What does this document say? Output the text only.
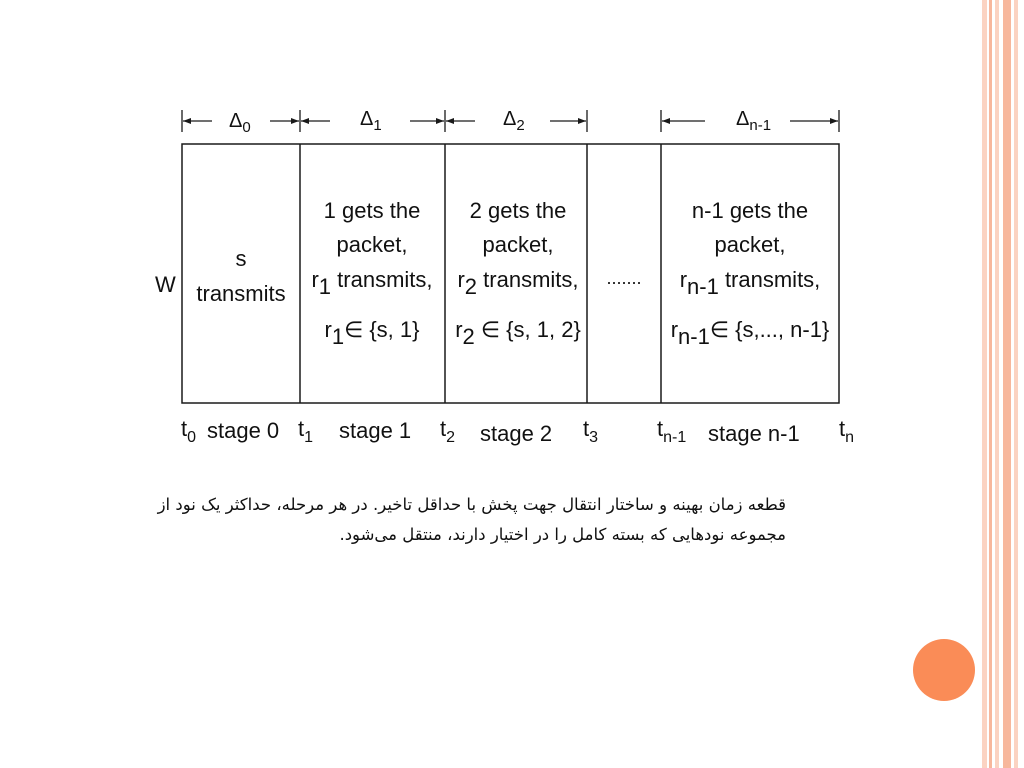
$\Delta_0$	$\Delta_1$	$\Delta_2$	$\Delta_{n-1}$
W
s
transmits
1 gets the
packet,
r1 transmits,
r1∈ {s, 1}
2 gets the
packet,
r2 transmits,
r2 ∈ {s, 1, 2}
.......
n-1 gets the
packet,
rn-1 transmits,
rn-1∈ {s,..., n-1}
$t_0$	$t_1$	$t_2$	$t_3$	$t_{n-1}$	$t_n$
stage 0	stage 1	stage 2	stage n-1

قطعه زمان بهینه و ساختار انتقال جهت پخش با حداقل تاخیر. در هر مرحله، حداکثر یک نود از مجموعه نودهایی که بسته کامل را در اختیار دارند، منتقل می‌شود.
